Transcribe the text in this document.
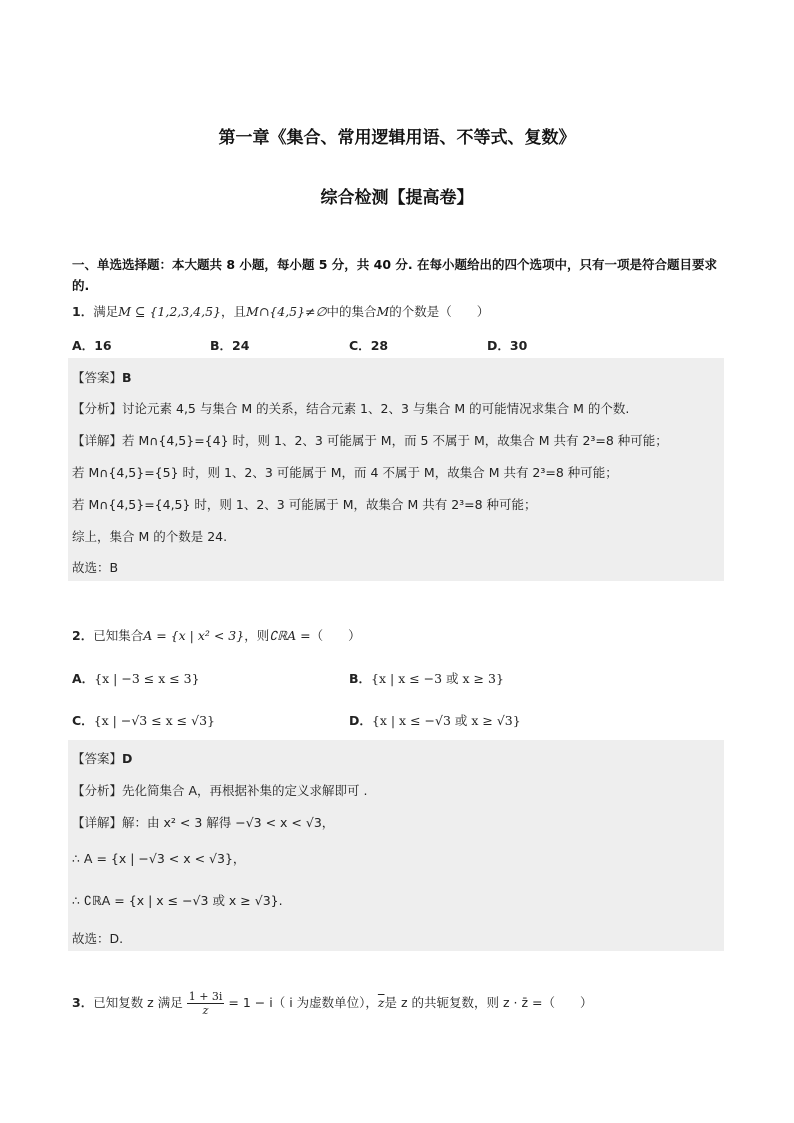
第一章《集合、常用逻辑用语、不等式、复数》
综合检测【提高卷】
一、单选选择题：本大题共 8 小题，每小题 5 分，共 40 分. 在每小题给出的四个选项中，只有一项是符合题目要求的.
1．满足M ⊆ {1,2,3,4,5}，且M∩{4,5}≠∅中的集合M的个数是（　　）
A．16	B．24	C．28	D．30
【答案】B
【分析】讨论元素 4,5 与集合 M 的关系，结合元素 1、2、3 与集合 M 的可能情况求集合 M 的个数.
【详解】若 M∩{4,5}={4} 时，则 1、2、3 可能属于 M，而 5 不属于 M，故集合 M 共有 2³=8 种可能；
若 M∩{4,5}={5} 时，则 1、2、3 可能属于 M，而 4 不属于 M，故集合 M 共有 2³=8 种可能；
若 M∩{4,5}={4,5} 时，则 1、2、3 可能属于 M，故集合 M 共有 2³=8 种可能；
综上，集合 M 的个数是 24.
故选：B
2．已知集合A = {x | x² < 3}，则∁ℝA =（　　）
A．{x | −3 ≤ x ≤ 3}	B．{x | x ≤ −3 或 x ≥ 3}
C．{x | −√3 ≤ x ≤ √3}	D．{x | x ≤ −√3 或 x ≥ √3}
【答案】D
【分析】先化简集合 A，再根据补集的定义求解即可 .
【详解】解：由 x² < 3 解得 −√3 < x < √3，
∴ A = {x | −√3 < x < √3}，
∴ ∁ℝA = {x | x ≤ −√3 或 x ≥ √3}.
故选：D.
3．已知复数 z 满足 $\frac{1 + 3i}{z} = 1 - i$（ i 为虚数单位），$\overline{z}$是 z 的共轭复数，则 z · z̄ =（　　）
